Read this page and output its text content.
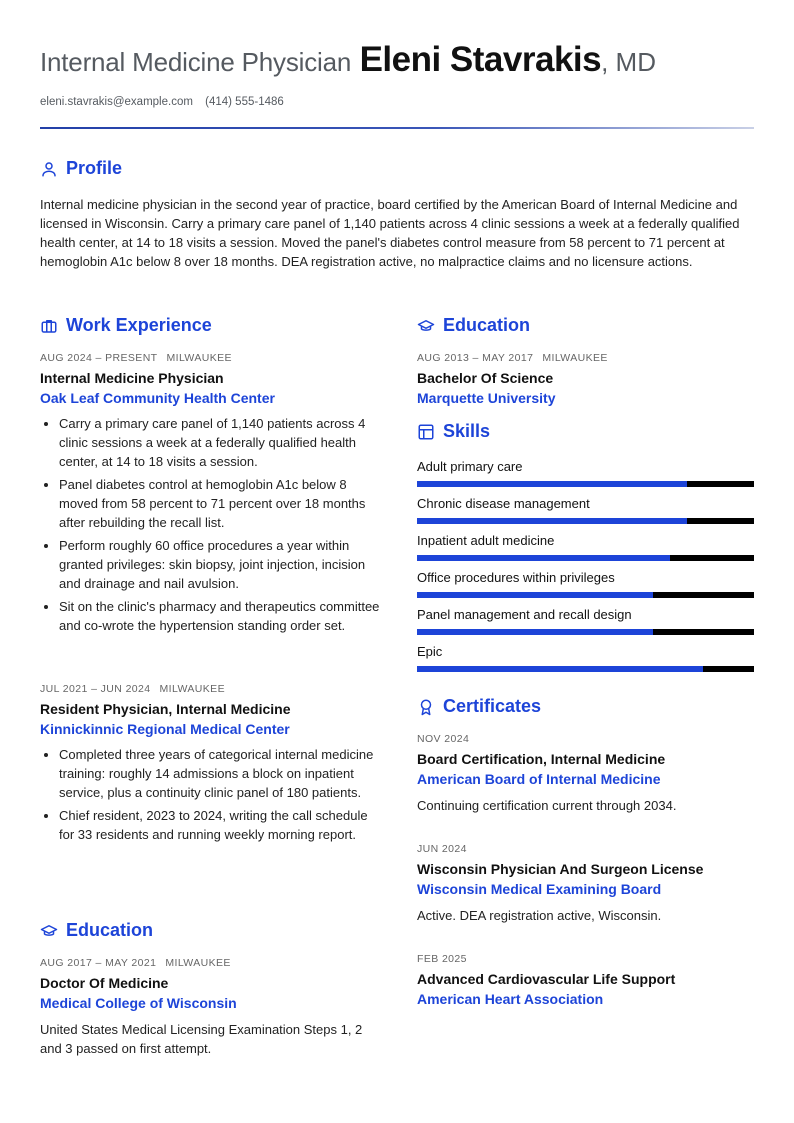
Internal Medicine Physician Eleni Stavrakis, MD
eleni.stavrakis@example.com (414) 555-1486
Profile
Internal medicine physician in the second year of practice, board certified by the American Board of Internal Medicine and licensed in Wisconsin. Carry a primary care panel of 1,140 patients across 4 clinic sessions a week at a federally qualified health center, at 14 to 18 visits a session. Moved the panel's diabetes control measure from 58 percent to 71 percent at hemoglobin A1c below 8 over 18 months. DEA registration active, no malpractice claims and no licensure actions.
Work Experience
AUG 2024 – PRESENT MILWAUKEE
Internal Medicine Physician
Oak Leaf Community Health Center
• Carry a primary care panel of 1,140 patients across 4 clinic sessions a week at a federally qualified health center, at 14 to 18 visits a session.
• Panel diabetes control at hemoglobin A1c below 8 moved from 58 percent to 71 percent over 18 months after rebuilding the recall list.
• Perform roughly 60 office procedures a year within granted privileges: skin biopsy, joint injection, incision and drainage and nail avulsion.
• Sit on the clinic's pharmacy and therapeutics committee and co-wrote the hypertension standing order set.
JUL 2021 – JUN 2024 MILWAUKEE
Resident Physician, Internal Medicine
Kinnickinnic Regional Medical Center
• Completed three years of categorical internal medicine training: roughly 14 admissions a block on inpatient service, plus a continuity clinic panel of 180 patients.
• Chief resident, 2023 to 2024, writing the call schedule for 33 residents and running weekly morning report.
Education
AUG 2017 – MAY 2021 MILWAUKEE
Doctor Of Medicine
Medical College of Wisconsin
United States Medical Licensing Examination Steps 1, 2 and 3 passed on first attempt.
Education
AUG 2013 – MAY 2017 MILWAUKEE
Bachelor Of Science
Marquette University
Skills
Adult primary care
Chronic disease management
Inpatient adult medicine
Office procedures within privileges
Panel management and recall design
Epic
Certificates
NOV 2024
Board Certification, Internal Medicine
American Board of Internal Medicine
Continuing certification current through 2034.
JUN 2024
Wisconsin Physician And Surgeon License
Wisconsin Medical Examining Board
Active. DEA registration active, Wisconsin.
FEB 2025
Advanced Cardiovascular Life Support
American Heart Association
